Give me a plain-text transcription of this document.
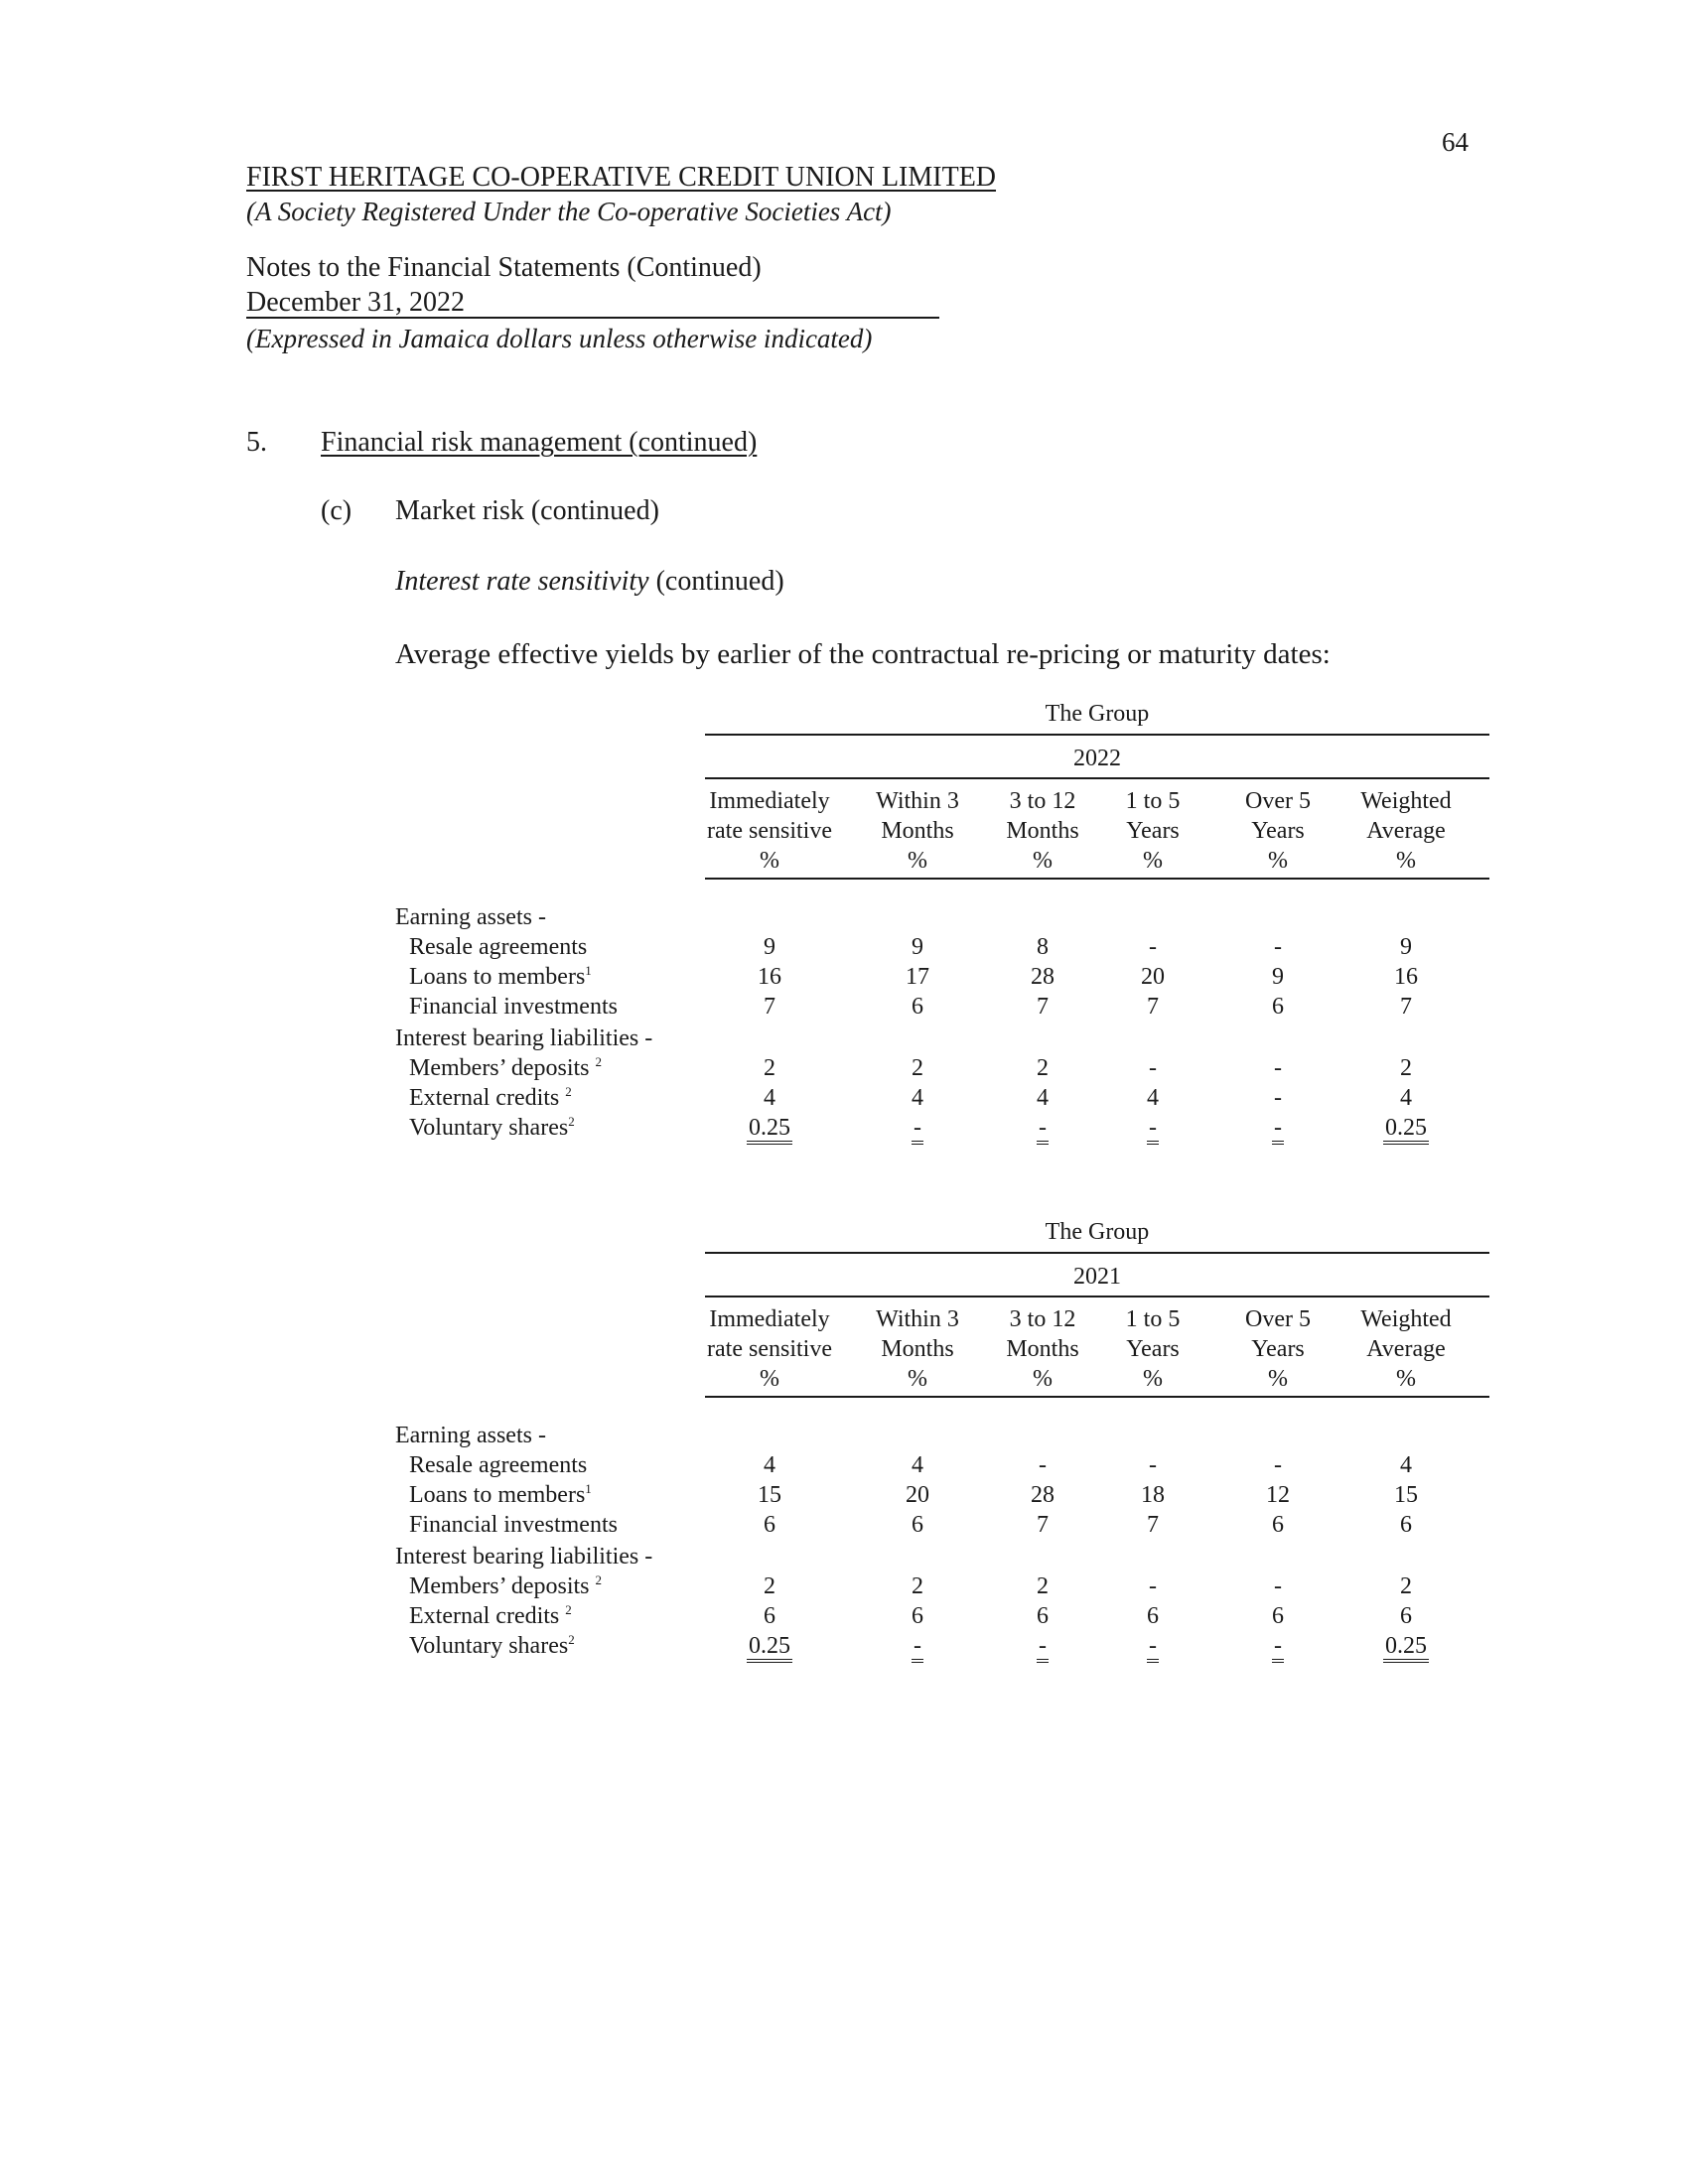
64
FIRST HERITAGE CO-OPERATIVE CREDIT UNION LIMITED
(A Society Registered Under the Co-operative Societies Act)
Notes to the Financial Statements (Continued)
December 31, 2022
(Expressed in Jamaica dollars unless otherwise indicated)
5. Financial risk management (continued)
(c) Market risk (continued)
Interest rate sensitivity (continued)
Average effective yields by earlier of the contractual re-pricing or maturity dates:
The Group
2022
Immediately
rate sensitive
%
Within 3
Months
%
3 to 12
Months
%
1 to 5
Years
%
Over 5
Years
%
Weighted
Average
%
Earning assets -
Interest bearing liabilities -
Resale agreements	9	9	8	-	-	9
Loans to members$^1$	16	17	28	20	9	16
Financial investments	7	6	7	7	6	7
Members’ deposits $^2$	2	2	2	-	-	2
External credits $^2$	4	4	4	4	-	4
Voluntary shares$^2$	0.25	-	-	-	-	0.25
The Group
2021
Immediately
rate sensitive
%
Within 3
Months
%
3 to 12
Months
%
1 to 5
Years
%
Over 5
Years
%
Weighted
Average
%
Earning assets -
Interest bearing liabilities -
Resale agreements	4	4	-	-	-	4
Loans to members$^1$	15	20	28	18	12	15
Financial investments	6	6	7	7	6	6
Members’ deposits $^2$	2	2	2	-	-	2
External credits $^2$	6	6	6	6	6	6
Voluntary shares$^2$	0.25	-	-	-	-	0.25
